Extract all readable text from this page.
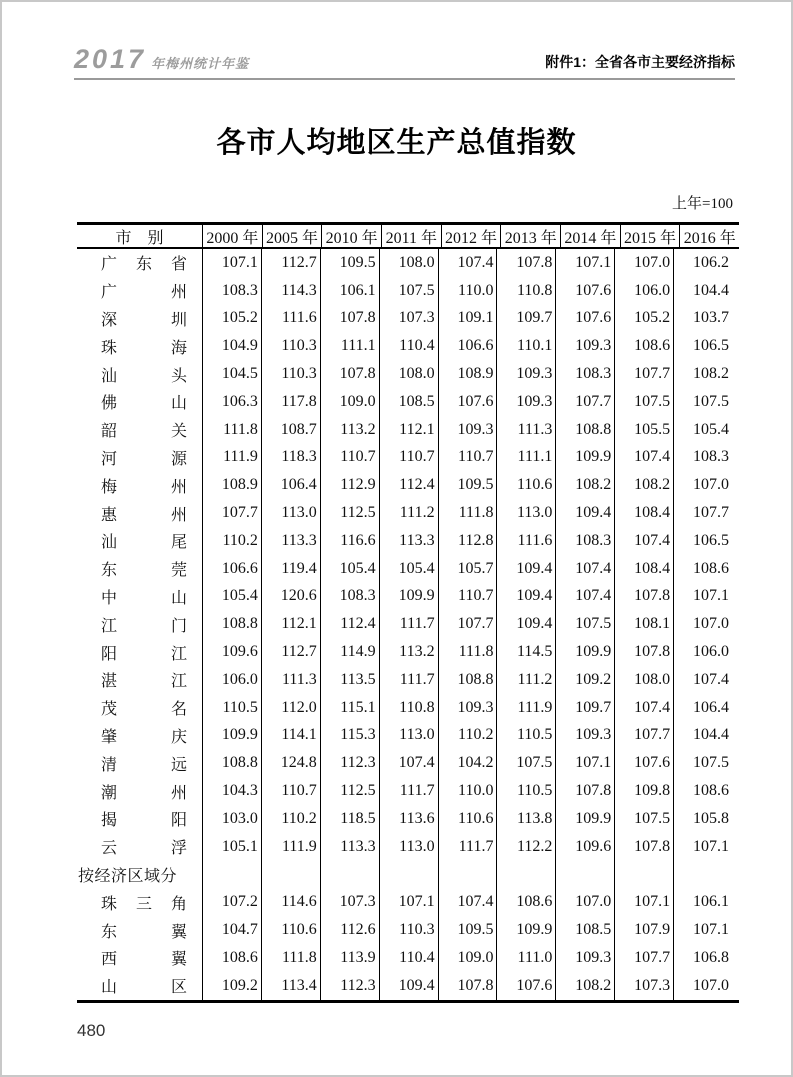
2017 年梅州统计年鉴	附件1：全省各市主要经济指标
各市人均地区生产总值指数
上年=100
市　别	2000 年 2005 年 2010 年 2011 年 2012 年 2013 年 2014 年 2015 年 2016 年
广 东 省	107.1	112.7	109.5	108.0	107.4	107.8	107.1	107.0	106.2
广	州	108.3	114.3	106.1	107.5	110.0	110.8	107.6	106.0	104.4
深	圳	105.2	111.6	107.8	107.3	109.1	109.7	107.6	105.2	103.7
珠	海	104.9	110.3	111.1	110.4	106.6	110.1	109.3	108.6	106.5
汕	头	104.5	110.3	107.8	108.0	108.9	109.3	108.3	107.7	108.2
佛	山	106.3	117.8	109.0	108.5	107.6	109.3	107.7	107.5	107.5
韶	关	111.8	108.7	113.2	112.1	109.3	111.3	108.8	105.5	105.4
河	源	111.9	118.3	110.7	110.7	110.7	111.1	109.9	107.4	108.3
梅	州	108.9	106.4	112.9	112.4	109.5	110.6	108.2	108.2	107.0
惠	州	107.7	113.0	112.5	111.2	111.8	113.0	109.4	108.4	107.7
汕	尾	110.2	113.3	116.6	113.3	112.8	111.6	108.3	107.4	106.5
东	莞	106.6	119.4	105.4	105.4	105.7	109.4	107.4	108.4	108.6
中	山	105.4	120.6	108.3	109.9	110.7	109.4	107.4	107.8	107.1
江	门	108.8	112.1	112.4	111.7	107.7	109.4	107.5	108.1	107.0
阳	江	109.6	112.7	114.9	113.2	111.8	114.5	109.9	107.8	106.0
湛	江	106.0	111.3	113.5	111.7	108.8	111.2	109.2	108.0	107.4
茂	名	110.5	112.0	115.1	110.8	109.3	111.9	109.7	107.4	106.4
肇	庆	109.9	114.1	115.3	113.0	110.2	110.5	109.3	107.7	104.4
清	远	108.8	124.8	112.3	107.4	104.2	107.5	107.1	107.6	107.5
潮	州	104.3	110.7	112.5	111.7	110.0	110.5	107.8	109.8	108.6
揭	阳	103.0	110.2	118.5	113.6	110.6	113.8	109.9	107.5	105.8
云	浮	105.1	111.9	113.3	113.0	111.7	112.2	109.6	107.8	107.1
按经济区域分
珠 三 角	107.2	114.6	107.3	107.1	107.4	108.6	107.0	107.1	106.1
东	翼	104.7	110.6	112.6	110.3	109.5	109.9	108.5	107.9	107.1
西	翼	108.6	111.8	113.9	110.4	109.0	111.0	109.3	107.7	106.8
山	区	109.2	113.4	112.3	109.4	107.8	107.6	108.2	107.3	107.0
480
